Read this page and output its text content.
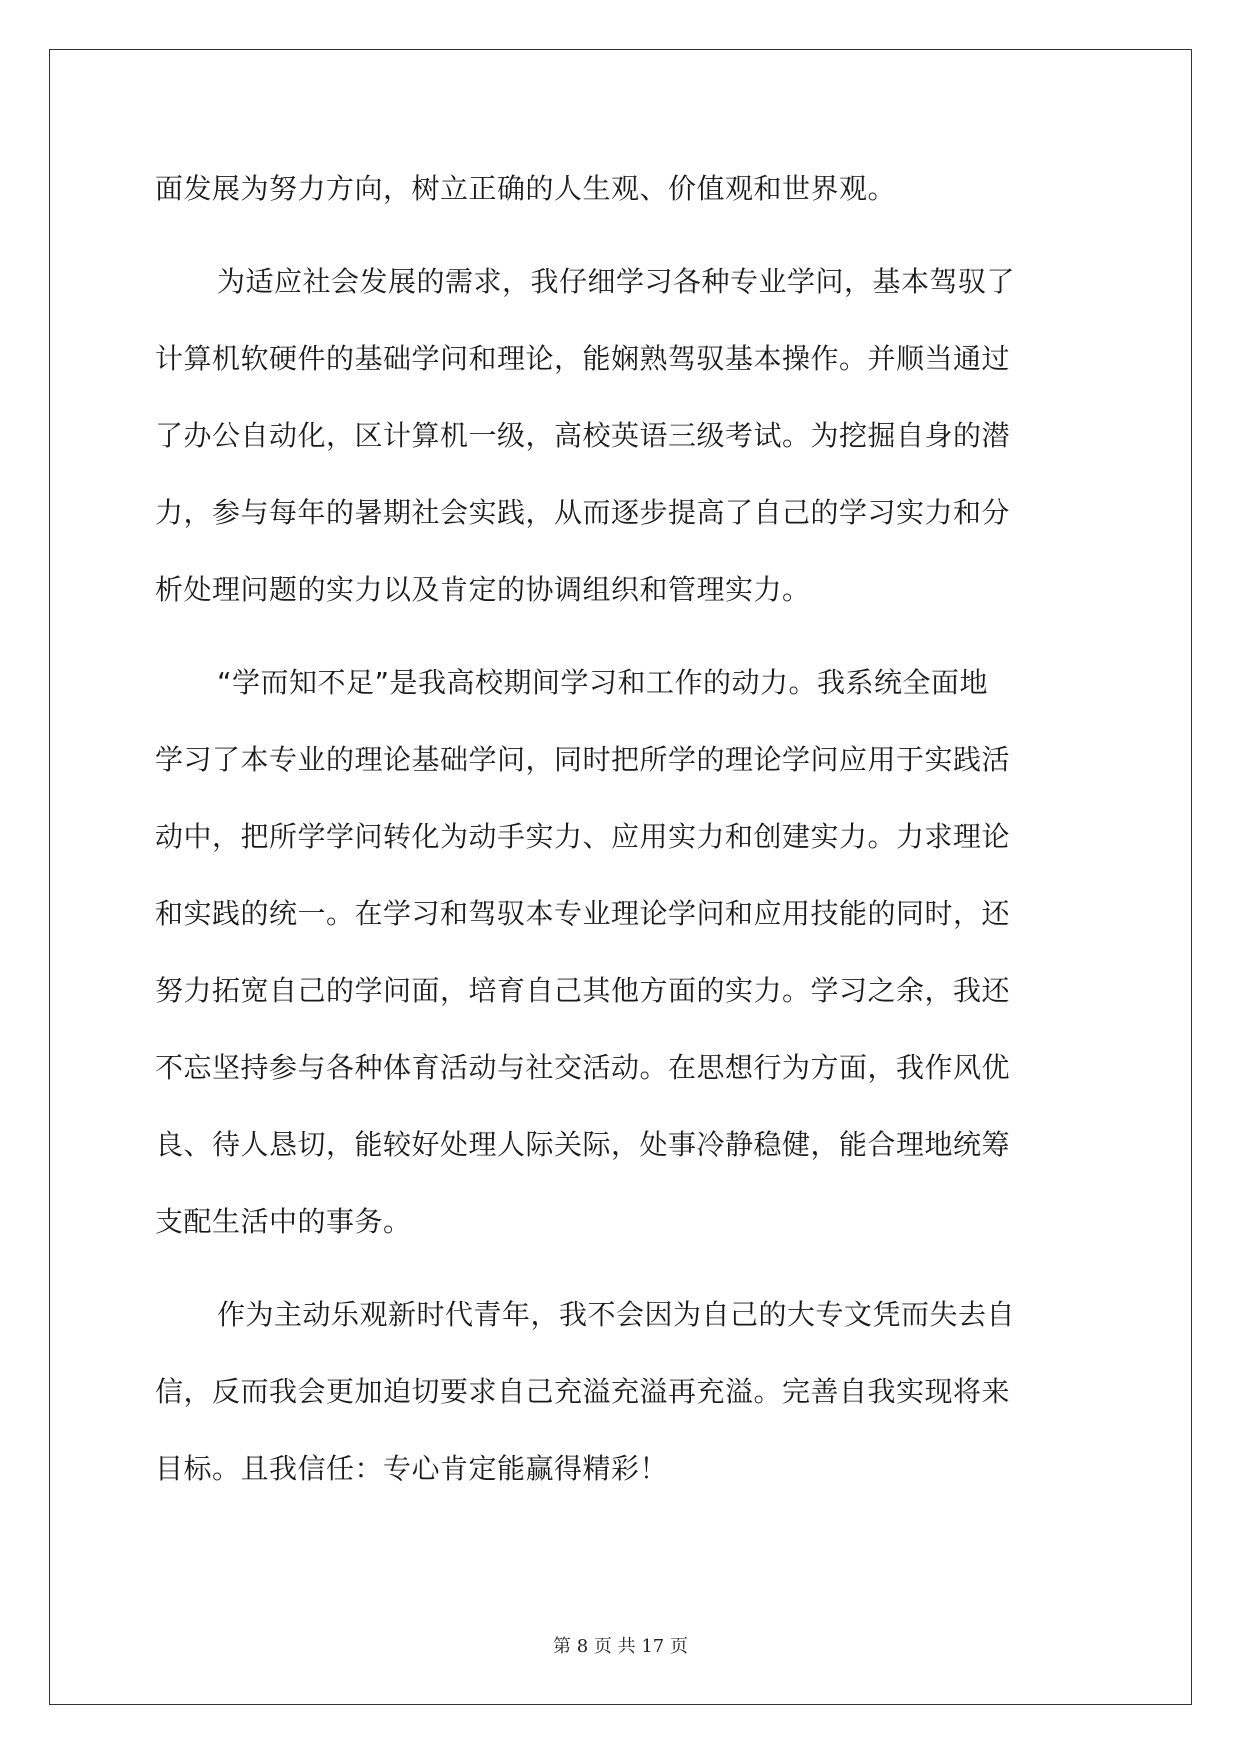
面发展为努力方向，树立正确的人生观、价值观和世界观。
为适应社会发展的需求，我仔细学习各种专业学问，基本驾驭了
计算机软硬件的基础学问和理论，能娴熟驾驭基本操作。并顺当通过
了办公自动化，区计算机一级，高校英语三级考试。为挖掘自身的潜
力，参与每年的暑期社会实践，从而逐步提高了自己的学习实力和分
析处理问题的实力以及肯定的协调组织和管理实力。
“学而知不足”是我高校期间学习和工作的动力。我系统全面地
学习了本专业的理论基础学问，同时把所学的理论学问应用于实践活
动中，把所学学问转化为动手实力、应用实力和创建实力。力求理论
和实践的统一。在学习和驾驭本专业理论学问和应用技能的同时，还
努力拓宽自己的学问面，培育自己其他方面的实力。学习之余，我还
不忘坚持参与各种体育活动与社交活动。在思想行为方面，我作风优
良、待人恳切，能较好处理人际关际，处事冷静稳健，能合理地统筹
支配生活中的事务。
作为主动乐观新时代青年，我不会因为自己的大专文凭而失去自
信，反而我会更加迫切要求自己充溢充溢再充溢。完善自我实现将来
目标。且我信任：专心肯定能赢得精彩！
第 8 页 共 17 页
